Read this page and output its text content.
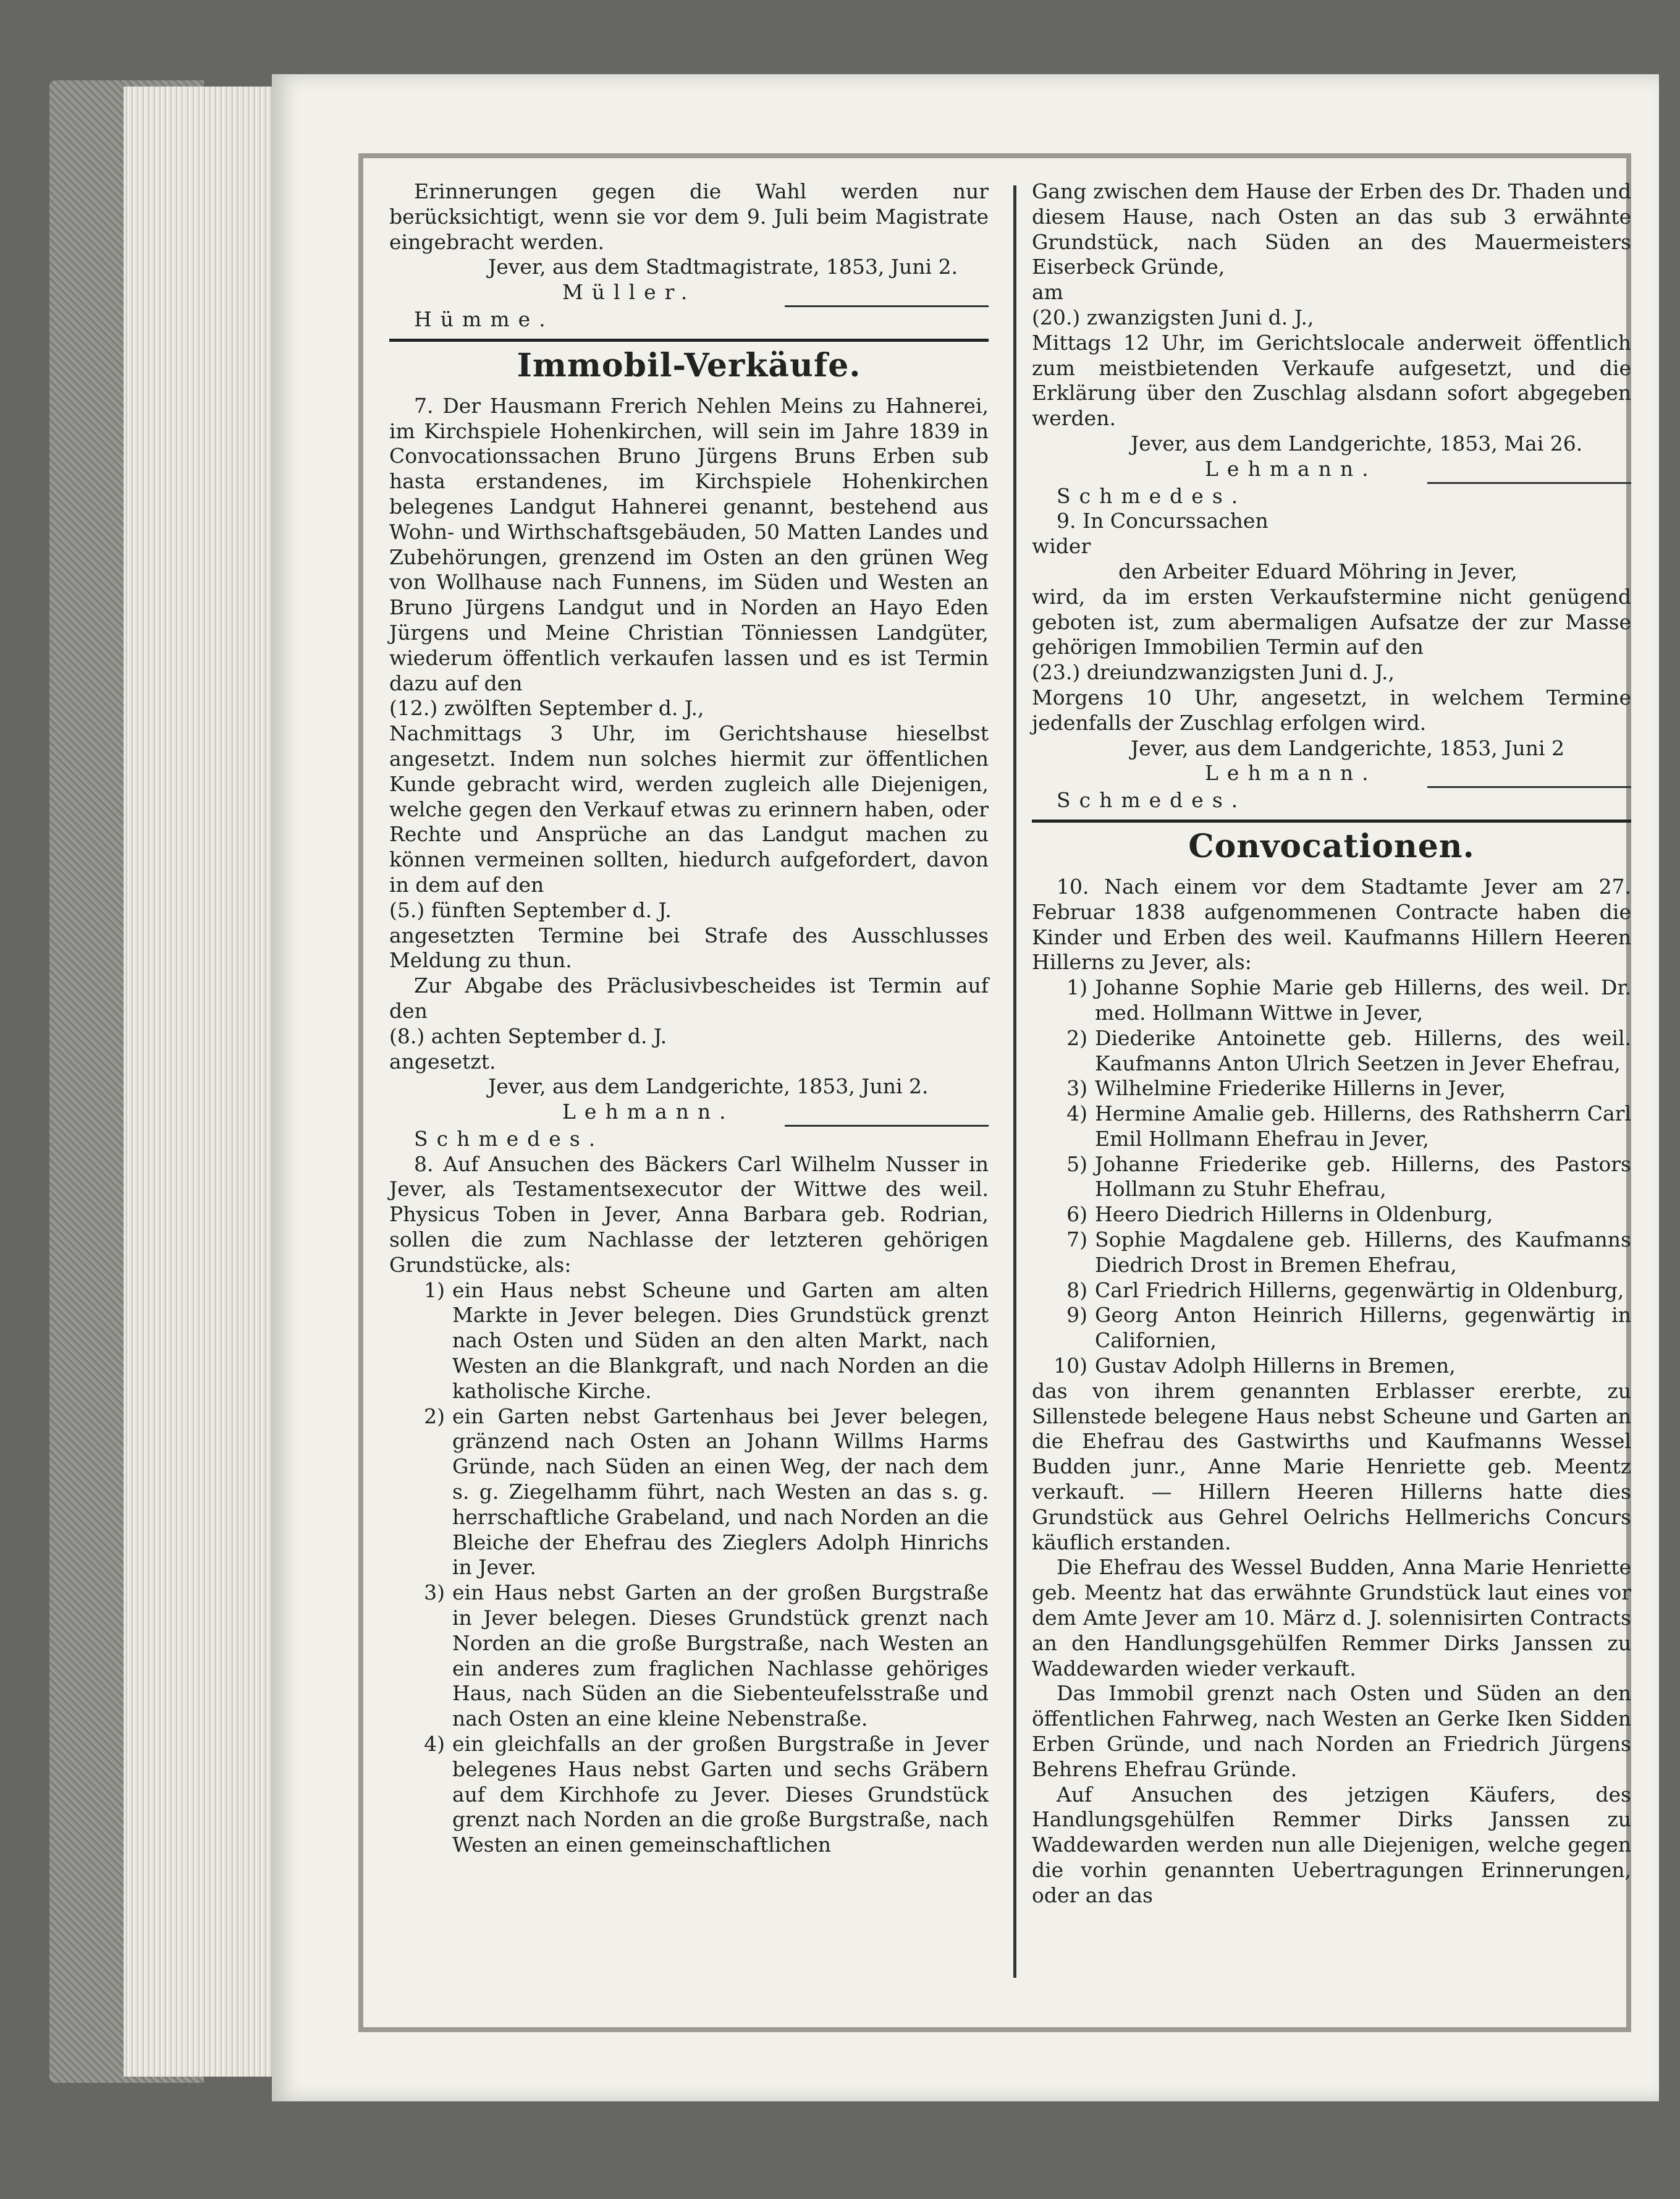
Erinnerungen gegen die Wahl werden nur berücksichtigt, wenn sie vor dem 9. Juli beim Magistrate eingebracht werden.

Jever, aus dem Stadtmagistrate, 1853, Juni 2.

Müller.

Hümme.

Immobil-Verkäufe.

7. Der Hausmann Frerich Nehlen Meins zu Hahnerei, im Kirchspiele Hohenkirchen, will sein im Jahre 1839 in Convocationssachen Bruno Jürgens Bruns Erben sub hasta erstandenes, im Kirchspiele Hohenkirchen belegenes Landgut Hahnerei genannt, bestehend aus Wohn- und Wirthschaftsgebäuden, 50 Matten Landes und Zubehörungen, grenzend im Osten an den grünen Weg von Wollhause nach Funnens, im Süden und Westen an Bruno Jürgens Landgut und in Norden an Hayo Eden Jürgens und Meine Christian Tönniessen Landgüter, wiederum öffentlich verkaufen lassen und es ist Termin dazu auf den

(12.) zwölften September d. J.,

Nachmittags 3 Uhr, im Gerichtshause hieselbst angesetzt. Indem nun solches hiermit zur öffentlichen Kunde gebracht wird, werden zugleich alle Diejenigen, welche gegen den Verkauf etwas zu erinnern haben, oder Rechte und Ansprüche an das Landgut machen zu können vermeinen sollten, hiedurch aufgefordert, davon in dem auf den

(5.) fünften September d. J.

angesetzten Termine bei Strafe des Ausschlusses Meldung zu thun.

Zur Abgabe des Präclusivbescheides ist Termin auf den

(8.) achten September d. J.

angesetzt.

Jever, aus dem Landgerichte, 1853, Juni 2.

Lehmann.

Schmedes.

8. Auf Ansuchen des Bäckers Carl Wilhelm Nusser in Jever, als Testamentsexecutor der Wittwe des weil. Physicus Toben in Jever, Anna Barbara geb. Rodrian, sollen die zum Nachlasse der letzteren gehörigen Grundstücke, als:

1) ein Haus nebst Scheune und Garten am alten Markte in Jever belegen. Dies Grundstück grenzt nach Osten und Süden an den alten Markt, nach Westen an die Blankgraft, und nach Norden an die katholische Kirche.
2) ein Garten nebst Gartenhaus bei Jever belegen, gränzend nach Osten an Johann Willms Harms Gründe, nach Süden an einen Weg, der nach dem s. g. Ziegelhamm führt, nach Westen an das s. g. herrschaftliche Grabeland, und nach Norden an die Bleiche der Ehefrau des Zieglers Adolph Hinrichs in Jever.
3) ein Haus nebst Garten an der großen Burgstraße in Jever belegen. Dieses Grundstück grenzt nach Norden an die große Burgstraße, nach Westen an ein anderes zum fraglichen Nachlasse gehöriges Haus, nach Süden an die Siebenteufelsstraße und nach Osten an eine kleine Nebenstraße.
4) ein gleichfalls an der großen Burgstraße in Jever belegenes Haus nebst Garten und sechs Gräbern auf dem Kirchhofe zu Jever. Dieses Grundstück grenzt nach Norden an die große Burgstraße, nach Westen an einen gemeinschaftlichen

Gang zwischen dem Hause der Erben des Dr. Thaden und diesem Hause, nach Osten an das sub 3 erwähnte Grundstück, nach Süden an des Mauermeisters Eiserbeck Gründe,

am

(20.) zwanzigsten Juni d. J.,

Mittags 12 Uhr, im Gerichtslocale anderweit öffentlich zum meistbietenden Verkaufe aufgesetzt, und die Erklärung über den Zuschlag alsdann sofort abgegeben werden.

Jever, aus dem Landgerichte, 1853, Mai 26.

Lehmann.

Schmedes.

9. In Concurssachen

wider

den Arbeiter Eduard Möhring in Jever,

wird, da im ersten Verkaufstermine nicht genügend geboten ist, zum abermaligen Aufsatze der zur Masse gehörigen Immobilien Termin auf den

(23.) dreiundzwanzigsten Juni d. J.,

Morgens 10 Uhr, angesetzt, in welchem Termine jedenfalls der Zuschlag erfolgen wird.

Jever, aus dem Landgerichte, 1853, Juni 2

Lehmann.

Schmedes.

Convocationen.

10. Nach einem vor dem Stadtamte Jever am 27. Februar 1838 aufgenommenen Contracte haben die Kinder und Erben des weil. Kaufmanns Hillern Heeren Hillerns zu Jever, als:

1) Johanne Sophie Marie geb Hillerns, des weil. Dr. med. Hollmann Wittwe in Jever,
2) Diederike Antoinette geb. Hillerns, des weil. Kaufmanns Anton Ulrich Seetzen in Jever Ehefrau,
3) Wilhelmine Friederike Hillerns in Jever,
4) Hermine Amalie geb. Hillerns, des Rathsherrn Carl Emil Hollmann Ehefrau in Jever,
5) Johanne Friederike geb. Hillerns, des Pastors Hollmann zu Stuhr Ehefrau,
6) Heero Diedrich Hillerns in Oldenburg,
7) Sophie Magdalene geb. Hillerns, des Kaufmanns Diedrich Drost in Bremen Ehefrau,
8) Carl Friedrich Hillerns, gegenwärtig in Oldenburg,
9) Georg Anton Heinrich Hillerns, gegenwärtig in Californien,
10) Gustav Adolph Hillerns in Bremen,

das von ihrem genannten Erblasser ererbte, zu Sillenstede belegene Haus nebst Scheune und Garten an die Ehefrau des Gastwirths und Kaufmanns Wessel Budden junr., Anne Marie Henriette geb. Meentz verkauft. — Hillern Heeren Hillerns hatte dies Grundstück aus Gehrel Oelrichs Hellmerichs Concurs käuflich erstanden.

Die Ehefrau des Wessel Budden, Anna Marie Henriette geb. Meentz hat das erwähnte Grundstück laut eines vor dem Amte Jever am 10. März d. J. solennisirten Contracts an den Handlungsgehülfen Remmer Dirks Janssen zu Waddewarden wieder verkauft.

Das Immobil grenzt nach Osten und Süden an den öffentlichen Fahrweg, nach Westen an Gerke Iken Sidden Erben Gründe, und nach Norden an Friedrich Jürgens Behrens Ehefrau Gründe.

Auf Ansuchen des jetzigen Käufers, des Handlungsgehülfen Remmer Dirks Janssen zu Waddewarden werden nun alle Diejenigen, welche gegen die vorhin genannten Uebertragungen Erinnerungen, oder an das
